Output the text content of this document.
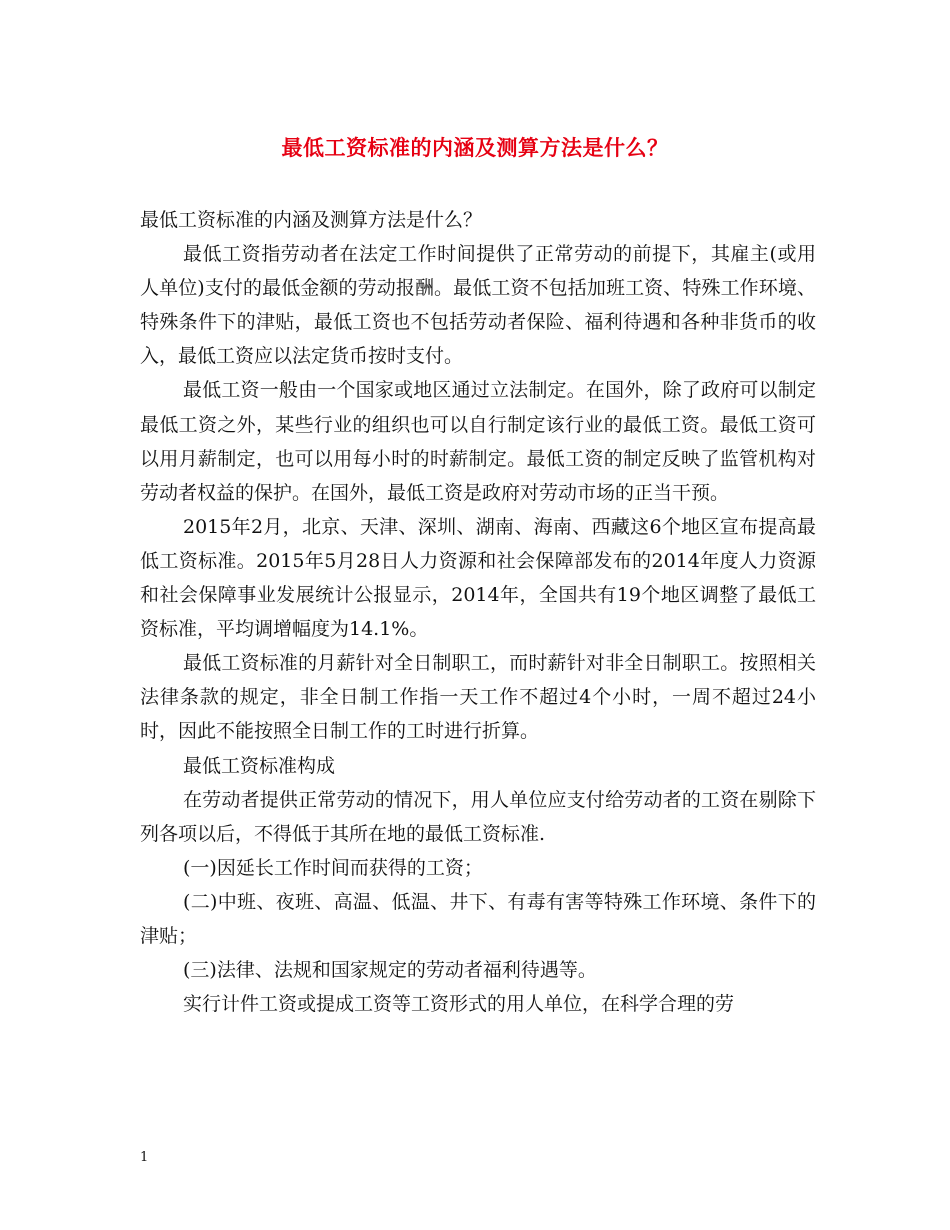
最低工资标准的内涵及测算方法是什么？

最低工资标准的内涵及测算方法是什么？

最低工资指劳动者在法定工作时间提供了正常劳动的前提下，其雇主(或用人单位)支付的最低金额的劳动报酬。最低工资不包括加班工资、特殊工作环境、特殊条件下的津贴，最低工资也不包括劳动者保险、福利待遇和各种非货币的收入，最低工资应以法定货币按时支付。

最低工资一般由一个国家或地区通过立法制定。在国外，除了政府可以制定最低工资之外，某些行业的组织也可以自行制定该行业的最低工资。最低工资可以用月薪制定，也可以用每小时的时薪制定。最低工资的制定反映了监管机构对劳动者权益的保护。在国外，最低工资是政府对劳动市场的正当干预。

2015年2月，北京、天津、深圳、湖南、海南、西藏这6个地区宣布提高最低工资标准。2015年5月28日人力资源和社会保障部发布的2014年度人力资源和社会保障事业发展统计公报显示，2014年，全国共有19个地区调整了最低工资标准，平均调增幅度为14.1%。

最低工资标准的月薪针对全日制职工，而时薪针对非全日制职工。按照相关法律条款的规定，非全日制工作指一天工作不超过4个小时，一周不超过24小时，因此不能按照全日制工作的工时进行折算。

最低工资标准构成

在劳动者提供正常劳动的情况下，用人单位应支付给劳动者的工资在剔除下列各项以后，不得低于其所在地的最低工资标准.

(一)因延长工作时间而获得的工资；

(二)中班、夜班、高温、低温、井下、有毒有害等特殊工作环境、条件下的津贴；

(三)法律、法规和国家规定的劳动者福利待遇等。

实行计件工资或提成工资等工资形式的用人单位，在科学合理的劳

1
